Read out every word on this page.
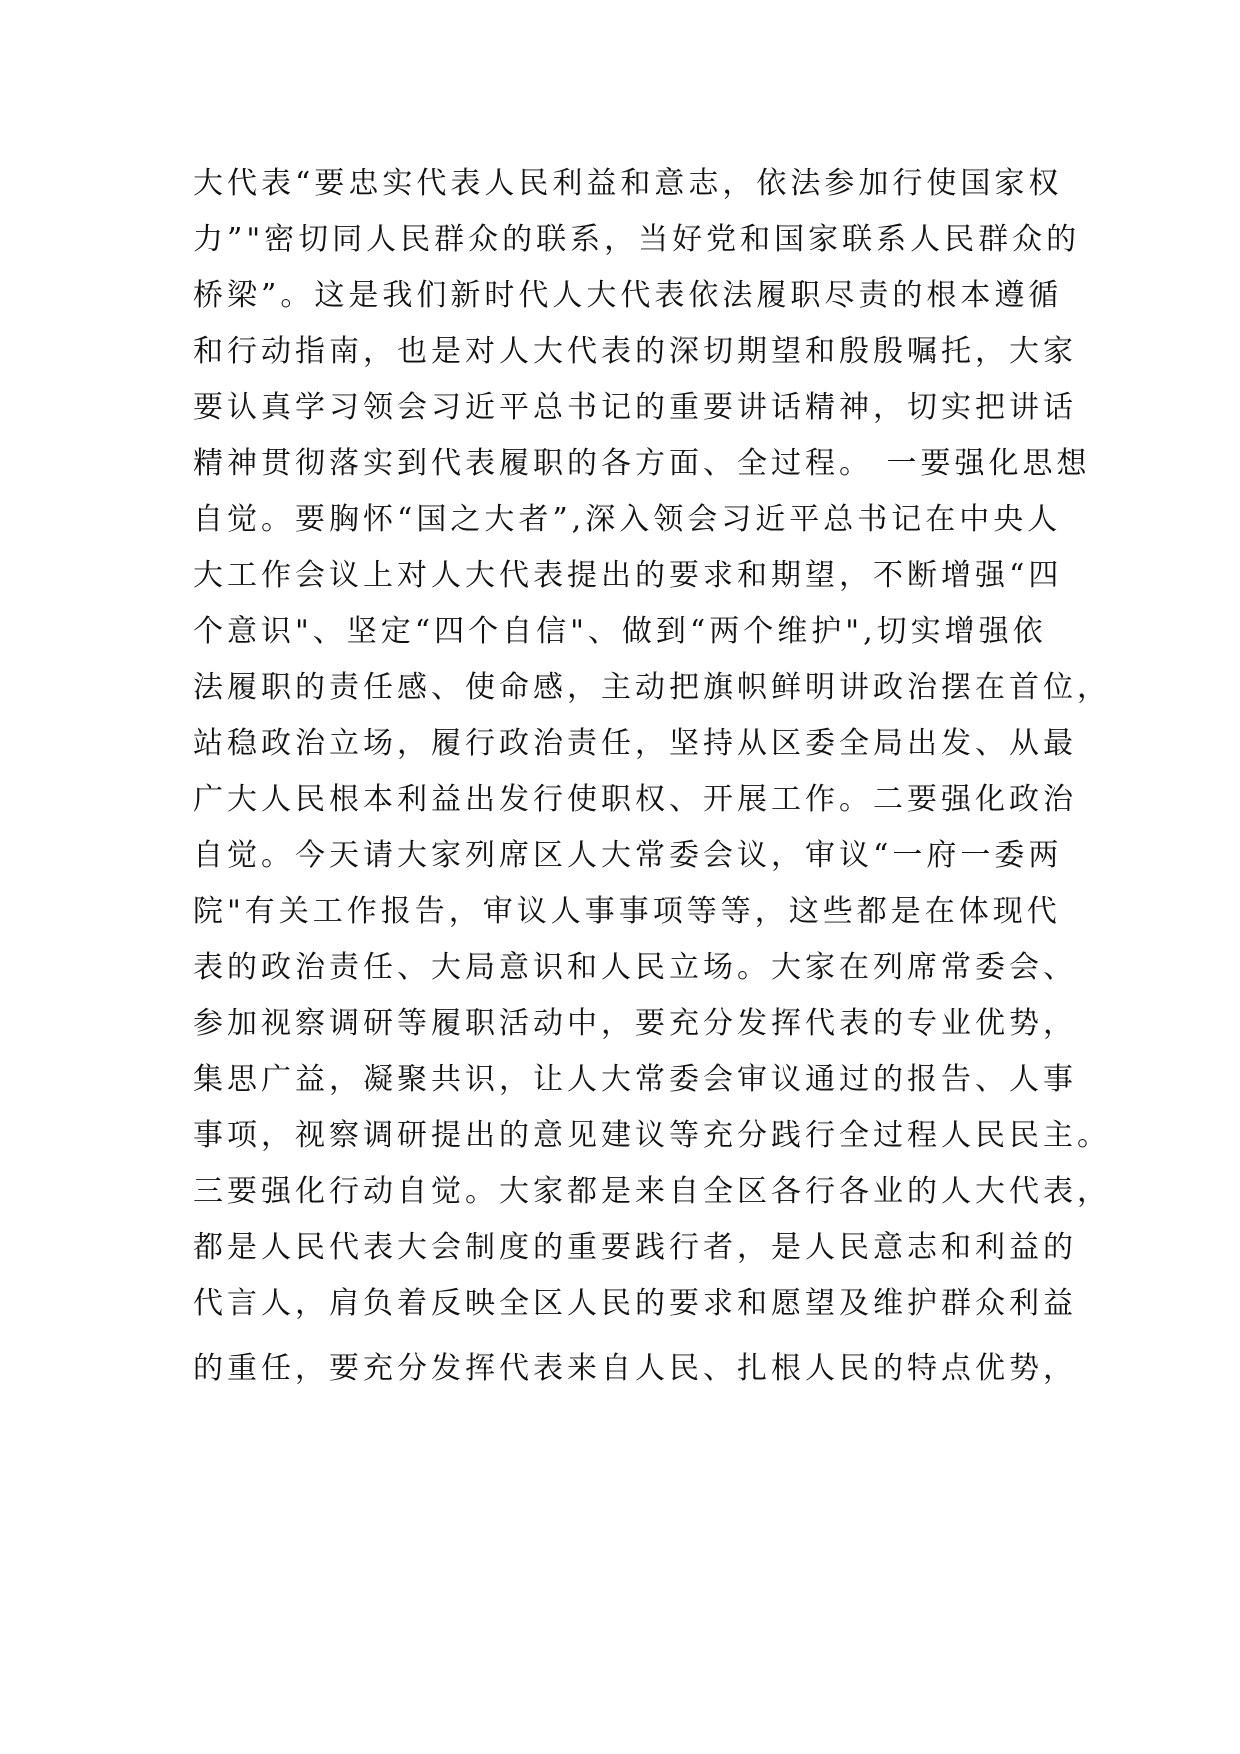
大代表“要忠实代表人民利益和意志，依法参加行使国家权
力”"密切同人民群众的联系，当好党和国家联系人民群众的
桥梁”。这是我们新时代人大代表依法履职尽责的根本遵循
和行动指南，也是对人大代表的深切期望和殷殷嘱托，大家
要认真学习领会习近平总书记的重要讲话精神，切实把讲话
精神贯彻落实到代表履职的各方面、全过程。 一要强化思想
自觉。要胸怀“国之大者”,深入领会习近平总书记在中央人
大工作会议上对人大代表提出的要求和期望，不断增强“四
个意识"、坚定“四个自信"、做到“两个维护",切实增强依
法履职的责任感、使命感，主动把旗帜鲜明讲政治摆在首位，
站稳政治立场，履行政治责任，坚持从区委全局出发、从最
广大人民根本利益出发行使职权、开展工作。二要强化政治
自觉。今天请大家列席区人大常委会议，审议“一府一委两
院"有关工作报告，审议人事事项等等，这些都是在体现代
表的政治责任、大局意识和人民立场。大家在列席常委会、
参加视察调研等履职活动中，要充分发挥代表的专业优势，
集思广益，凝聚共识，让人大常委会审议通过的报告、人事
事项，视察调研提出的意见建议等充分践行全过程人民民主。
三要强化行动自觉。大家都是来自全区各行各业的人大代表，
都是人民代表大会制度的重要践行者，是人民意志和利益的
代言人，肩负着反映全区人民的要求和愿望及维护群众利益
的重任，要充分发挥代表来自人民、扎根人民的特点优势，
